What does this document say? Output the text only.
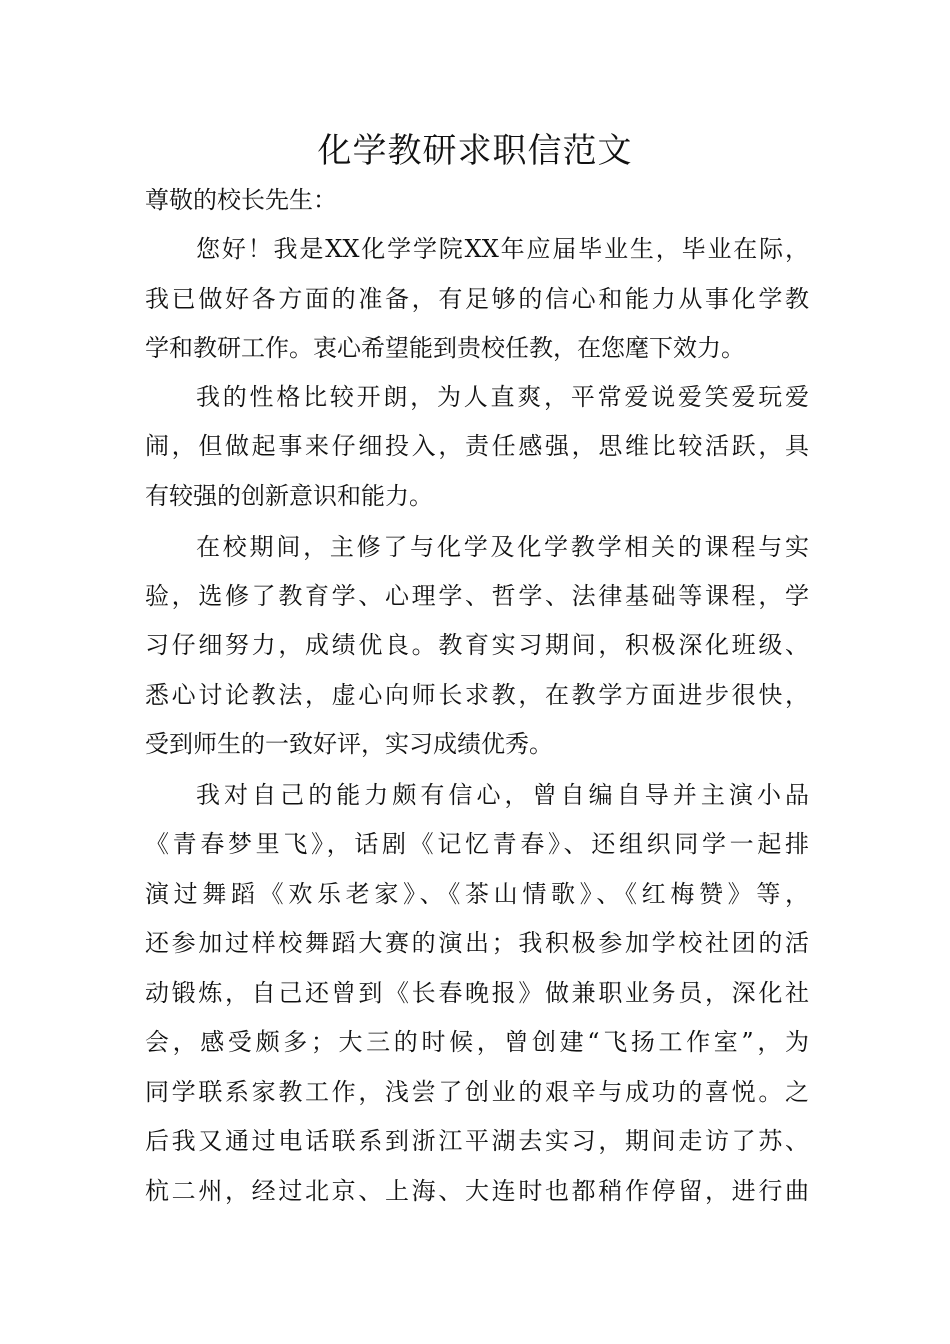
化学教研求职信范文

尊敬的校长先生：

您好！我是XX化学学院XX年应届毕业生，毕业在际，

我已做好各方面的准备，有足够的信心和能力从事化学教

学和教研工作。衷心希望能到贵校任教，在您麾下效力。

我的性格比较开朗，为人直爽，平常爱说爱笑爱玩爱

闹，但做起事来仔细投入，责任感强，思维比较活跃，具

有较强的创新意识和能力。

在校期间，主修了与化学及化学教学相关的课程与实

验，选修了教育学、心理学、哲学、法律基础等课程，学

习仔细努力，成绩优良。教育实习期间，积极深化班级、

悉心讨论教法，虚心向师长求教，在教学方面进步很快，

受到师生的一致好评，实习成绩优秀。

我对自己的能力颇有信心，曾自编自导并主演小品

《青春梦里飞》，话剧《记忆青春》、还组织同学一起排

演过舞蹈《欢乐老家》、《茶山情歌》、《红梅赞》等，

还参加过样校舞蹈大赛的演出；我积极参加学校社团的活

动锻炼，自己还曾到《长春晚报》做兼职业务员，深化社

会，感受颇多；大三的时候，曾创建“飞扬工作室”，为

同学联系家教工作，浅尝了创业的艰辛与成功的喜悦。之

后我又通过电话联系到浙江平湖去实习，期间走访了苏、

杭二州，经过北京、上海、大连时也都稍作停留，进行曲
